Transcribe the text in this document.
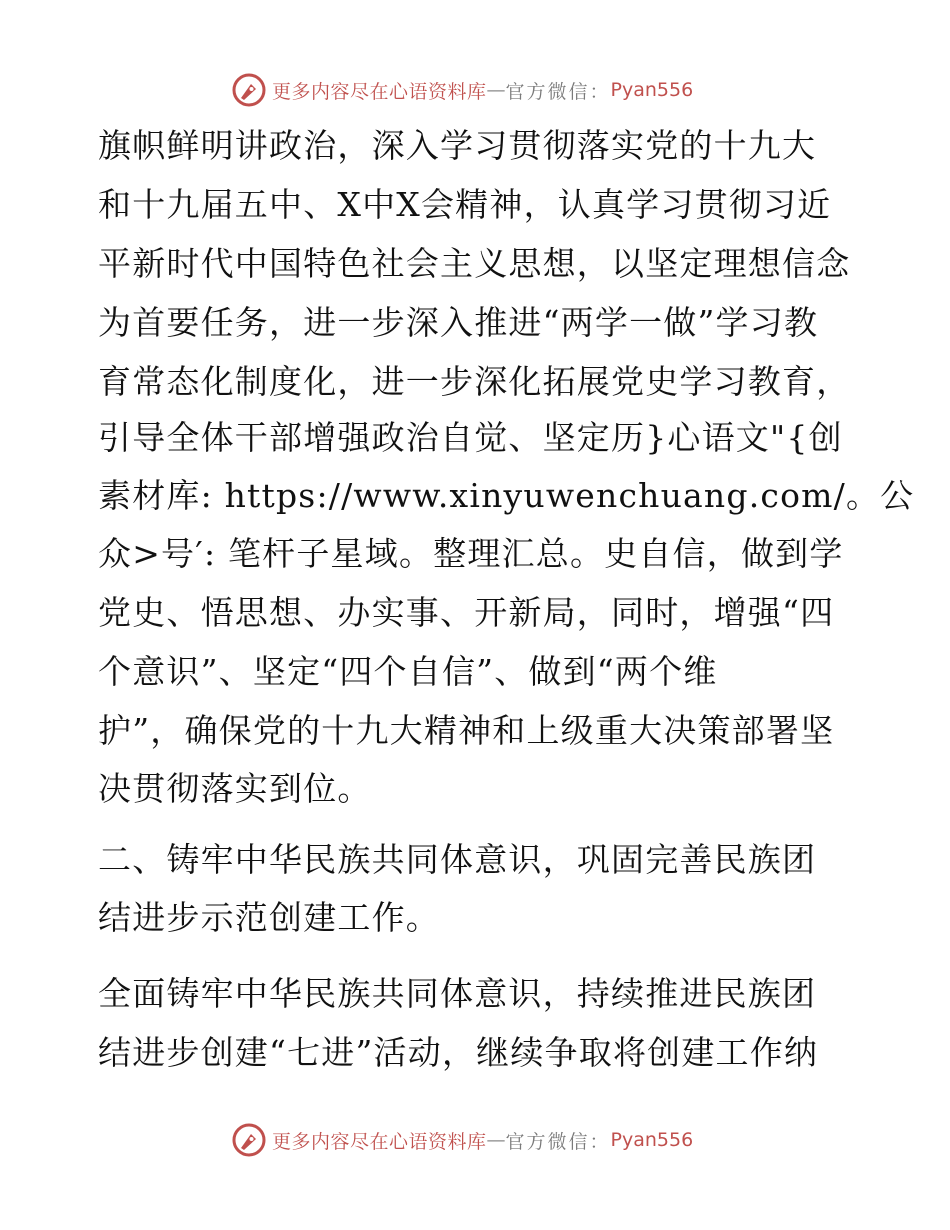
更多内容尽在心语资料库 — 官方微信： Pyan556
旗帜鲜明讲政治，深入学习贯彻落实党的十九大
和十九届五中、X中X会精神，认真学习贯彻习近
平新时代中国特色社会主义思想，以坚定理想信念
为首要任务，进一步深入推进“两学一做”学习教
育常态化制度化，进一步深化拓展党史学习教育，
引导全体干部增强政治自觉、坚定历}心语文"{创
素材库: https://www.xinyuwenchuang.com/。公
众>号′: 笔杆子星域。整理汇总。史自信，做到学
党史、悟思想、办实事、开新局，同时，增强“四
个意识”、坚定“四个自信”、做到“两个维
护”，确保党的十九大精神和上级重大决策部署坚
决贯彻落实到位。
二、铸牢中华民族共同体意识，巩固完善民族团
结进步示范创建工作。
全面铸牢中华民族共同体意识，持续推进民族团
结进步创建“七进”活动，继续争取将创建工作纳
更多内容尽在心语资料库 — 官方微信： Pyan556
